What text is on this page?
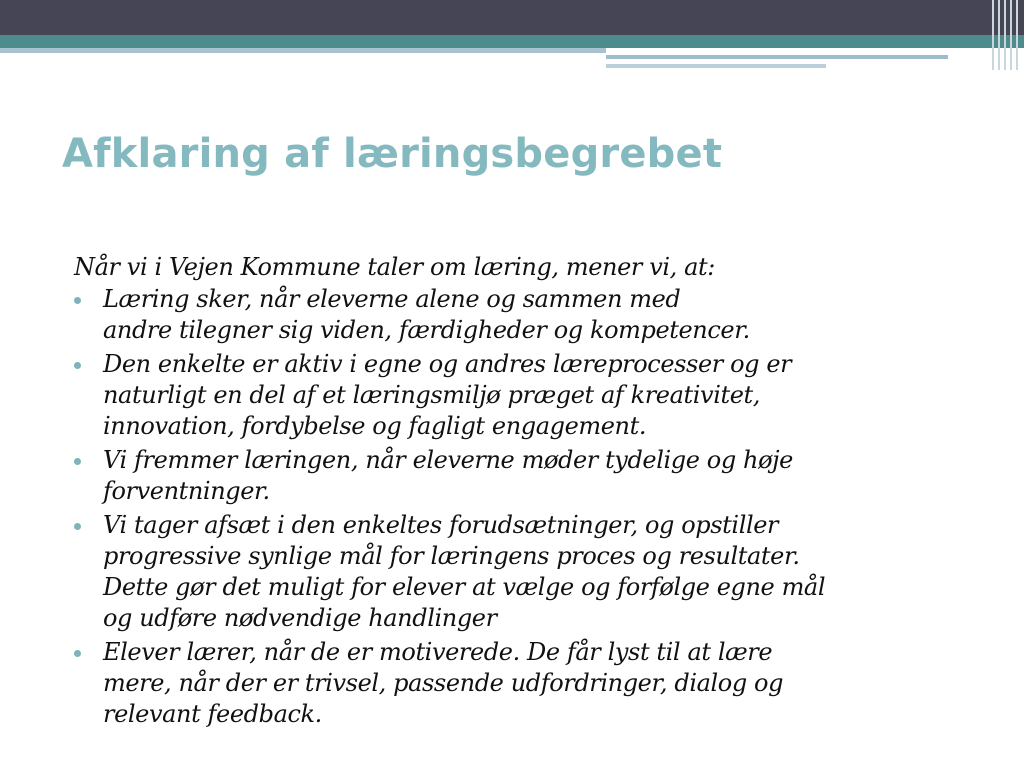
Afklaring af læringsbegrebet

Når vi i Vejen Kommune taler om læring, mener vi, at:

Læring sker, når eleverne alene og sammen med
andre tilegner sig viden, færdigheder og kompetencer.
Den enkelte er aktiv i egne og andres læreprocesser og er
naturligt en del af et læringsmiljø præget af kreativitet,
innovation, fordybelse og fagligt engagement.
Vi fremmer læringen, når eleverne møder tydelige og høje
forventninger.
Vi tager afsæt i den enkeltes forudsætninger, og opstiller
progressive synlige mål for læringens proces og resultater.
Dette gør det muligt for elever at vælge og forfølge egne mål
og udføre nødvendige handlinger
Elever lærer, når de er motiverede. De får lyst til at lære
mere, når der er trivsel, passende udfordringer, dialog og
relevant feedback.
